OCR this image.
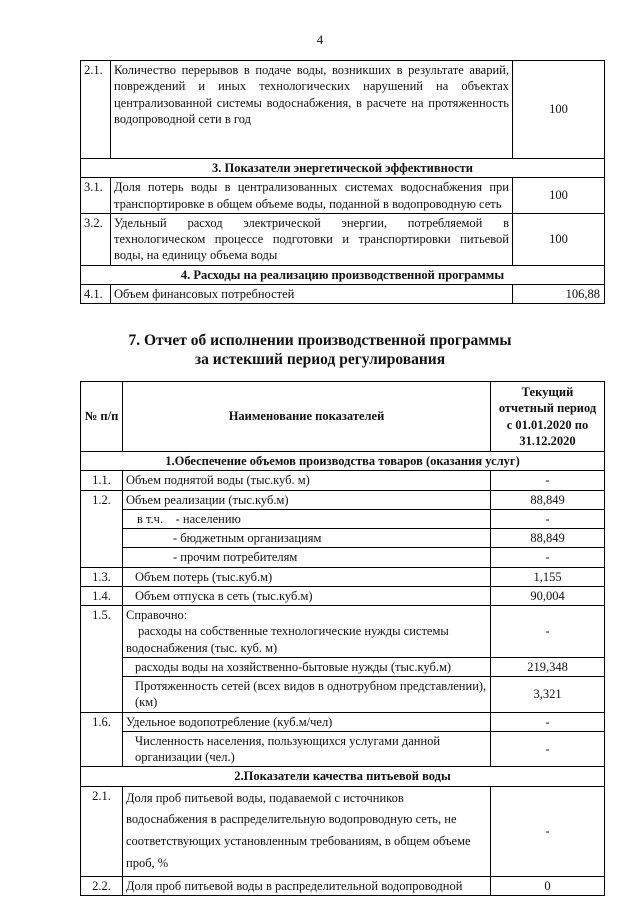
4
2.1.	Количество перерывов в подаче воды, возникших в результате аварий, повреждений и иных технологических нарушений на объектах централизованной системы водоснабжения, в расчете на протяженность водопроводной сети в год	100
3. Показатели энергетической эффективности		
3.1.	Доля потерь воды в централизованных системах водоснабжения при транспортировке в общем объеме воды, поданной в водопроводную сеть	100
3.2.	Удельный расход электрической энергии, потребляемой в технологическом процессе подготовки и транспортировки питьевой воды, на единицу объема воды	100
4. Расходы на реализацию производственной программы		
4.1.	Объем финансовых потребностей	106,88
7. Отчет об исполнении производственной программы
за истекший период регулирования
№ п/п	Наименование показателей	Текущий
отчетный период
с 01.01.2020 по
31.12.2020

1.Обеспечение объемов производства товаров (оказания услуг)		
1.1.	Объем поднятой воды (тыс.куб. м)	-
1.2.	Объем реализации (тыс.куб.м)	88,849
	в т.ч.    - населению	-
	- бюджетным организациям	88,849
	- прочим потребителям	-
1.3.	Объем потерь (тыс.куб.м)	1,155
1.4.	Объем отпуска в сеть (тыс.куб.м)	90,004
1.5.	Справочно:
расходы на собственные технологические нужды системы водоснабжения (тыс. куб. м)	-
	расходы воды на хозяйственно-бытовые нужды (тыс.куб.м)	219,348
	Протяженность сетей (всех видов в однотрубном представлении), (км)	3,321
1.6.	Удельное водопотребление (куб.м/чел)	-
	Численность населения, пользующихся услугами данной организации (чел.)	-
2.Показатели качества питьевой воды		
2.1.	Доля проб питьевой воды, подаваемой с источников водоснабжения в распределительную водопроводную сеть, не соответствующих установленным требованиям, в общем объеме проб, %	-
2.2.	Доля проб питьевой воды в распределительной водопроводной	0
